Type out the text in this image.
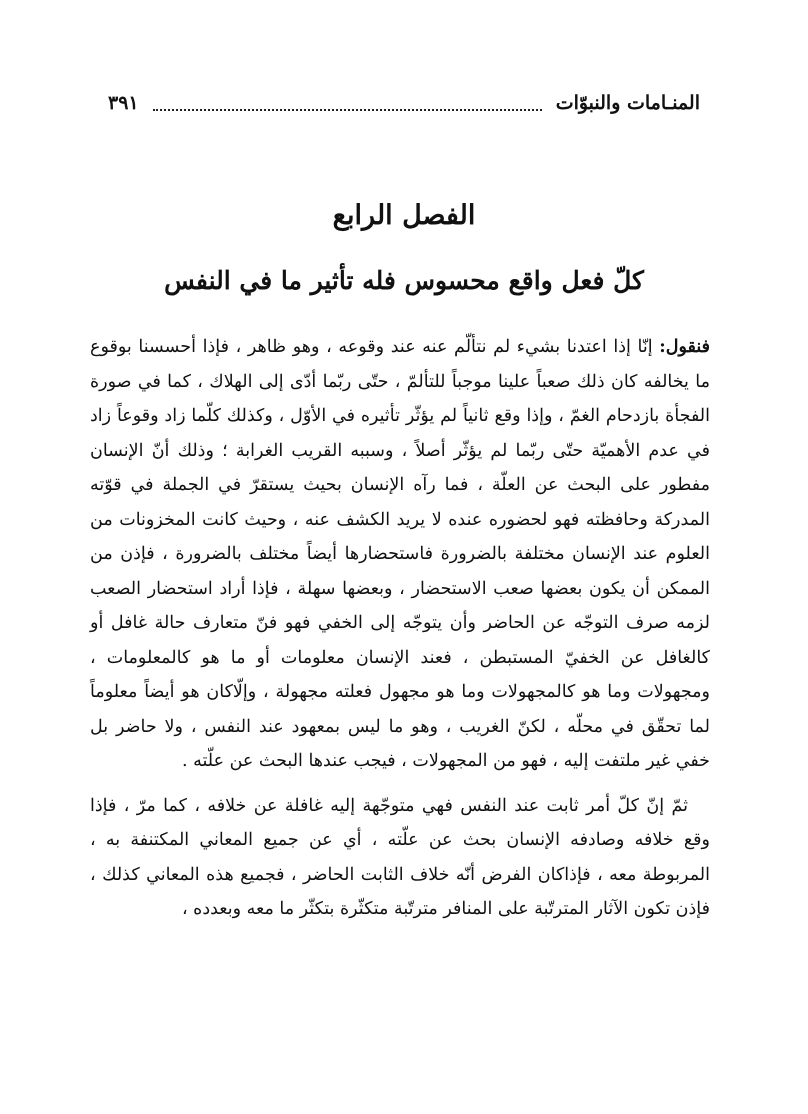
المنـامات والنبوّات
٣٩١
الفصل الرابع
كلّ فعل واقع محسوس فله تأثير ما في النفس

فنقول: إنّا إذا اعتدنا بشيء لم نتألّم عنه عند وقوعه ، وهو ظاهر ، فإذا أحسسنا بوقوع ما يخالفه كان ذلك صعباً علينا موجباً للتألمّ ، حتّى ربّما أدّى إلى الهلاك ، كما في صورة الفجأة بازدحام الغمّ ، وإذا وقع ثانياً لم يؤثّر تأثيره في الأوّل ، وكذلك كلّما زاد وقوعاً زاد في عدم الأهميّة حتّى ربّما لم يؤثّر أصلاً ، وسببه القريب الغرابة ؛ وذلك أنّ الإنسان مفطور على البحث عن العلّة ، فما رآه الإنسان بحيث يستقرّ في الجملة في قوّته المدركة وحافظته فهو لحضوره عنده لا يريد الكشف عنه ، وحيث كانت المخزونات من العلوم عند الإنسان مختلفة بالضرورة فاستحضارها أيضاً مختلف بالضرورة ، فإذن من الممكن أن يكون بعضها صعب الاستحضار ، وبعضها سهلة ، فإذا أراد استحضار الصعب لزمه صرف التوجّه عن الحاضر وأن يتوجّه إلى الخفي فهو فنّ متعارف حالة غافل أو كالغافل عن الخفيّ المستبطن ، فعند الإنسان معلومات أو ما هو كالمعلومات ، ومجهولات وما هو كالمجهولات وما هو مجهول فعلته مجهولة ، وإلّاكان هو أيضاً معلوماً لما تحقّق في محلّه ، لكنّ الغريب ، وهو ما ليس بمعهود عند النفس ، ولا حاضر بل خفي غير ملتفت إليه ، فهو من المجهولات ، فيجب عندها البحث عن علّته .

ثمّ إنّ كلّ أمر ثابت عند النفس فهي متوجّهة إليه غافلة عن خلافه ، كما مرّ ، فإذا وقع خلافه وصادفه الإنسان بحث عن علّته ، أي عن جميع المعاني المكتنفة به ، المربوطة معه ، فإذاكان الفرض أنّه خلاف الثابت الحاضر ، فجميع هذه المعاني كذلك ، فإذن تكون الآثار المترتّبة على المنافر مترتّبة متكثّرة بتكثّر ما معه وبعدده ،
